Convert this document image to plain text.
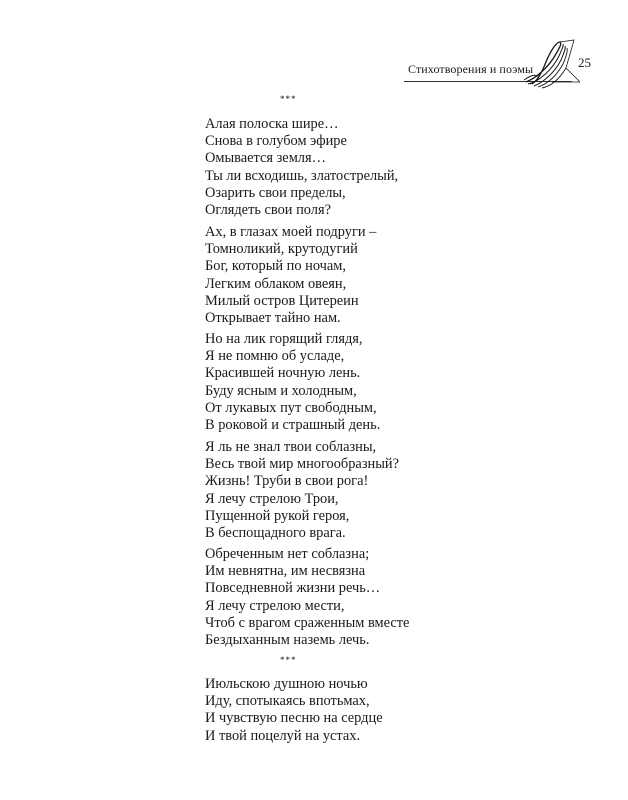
Стихотворения и поэмы	25
***
Алая полоска шире…
Снова в голубом эфире
Омывается земля…
Ты ли всходишь, златострелый,
Озарить свои пределы,
Оглядеть свои поля?
Ах, в глазах моей подруги –
Томноликий, крутодугий
Бог, который по ночам,
Легким облаком овеян,
Милый остров Цитереин
Открывает тайно нам.
Но на лик горящий глядя,
Я не помню об усладе,
Красившей ночную лень.
Буду ясным и холодным,
От лукавых пут свободным,
В роковой и страшный день.
Я ль не знал твои соблазны,
Весь твой мир многообразный?
Жизнь! Труби в свои рога!
Я лечу стрелою Трои,
Пущенной рукой героя,
В беспощадного врага.
Обреченным нет соблазна;
Им невнятна, им несвязна
Повседневной жизни речь…
Я лечу стрелою мести,
Чтоб с врагом сраженным вместе
Бездыханным наземь лечь.
***
Июльскою душною ночью
Иду, спотыкаясь впотьмах,
И чувствую песню на сердце
И твой поцелуй на устах.
